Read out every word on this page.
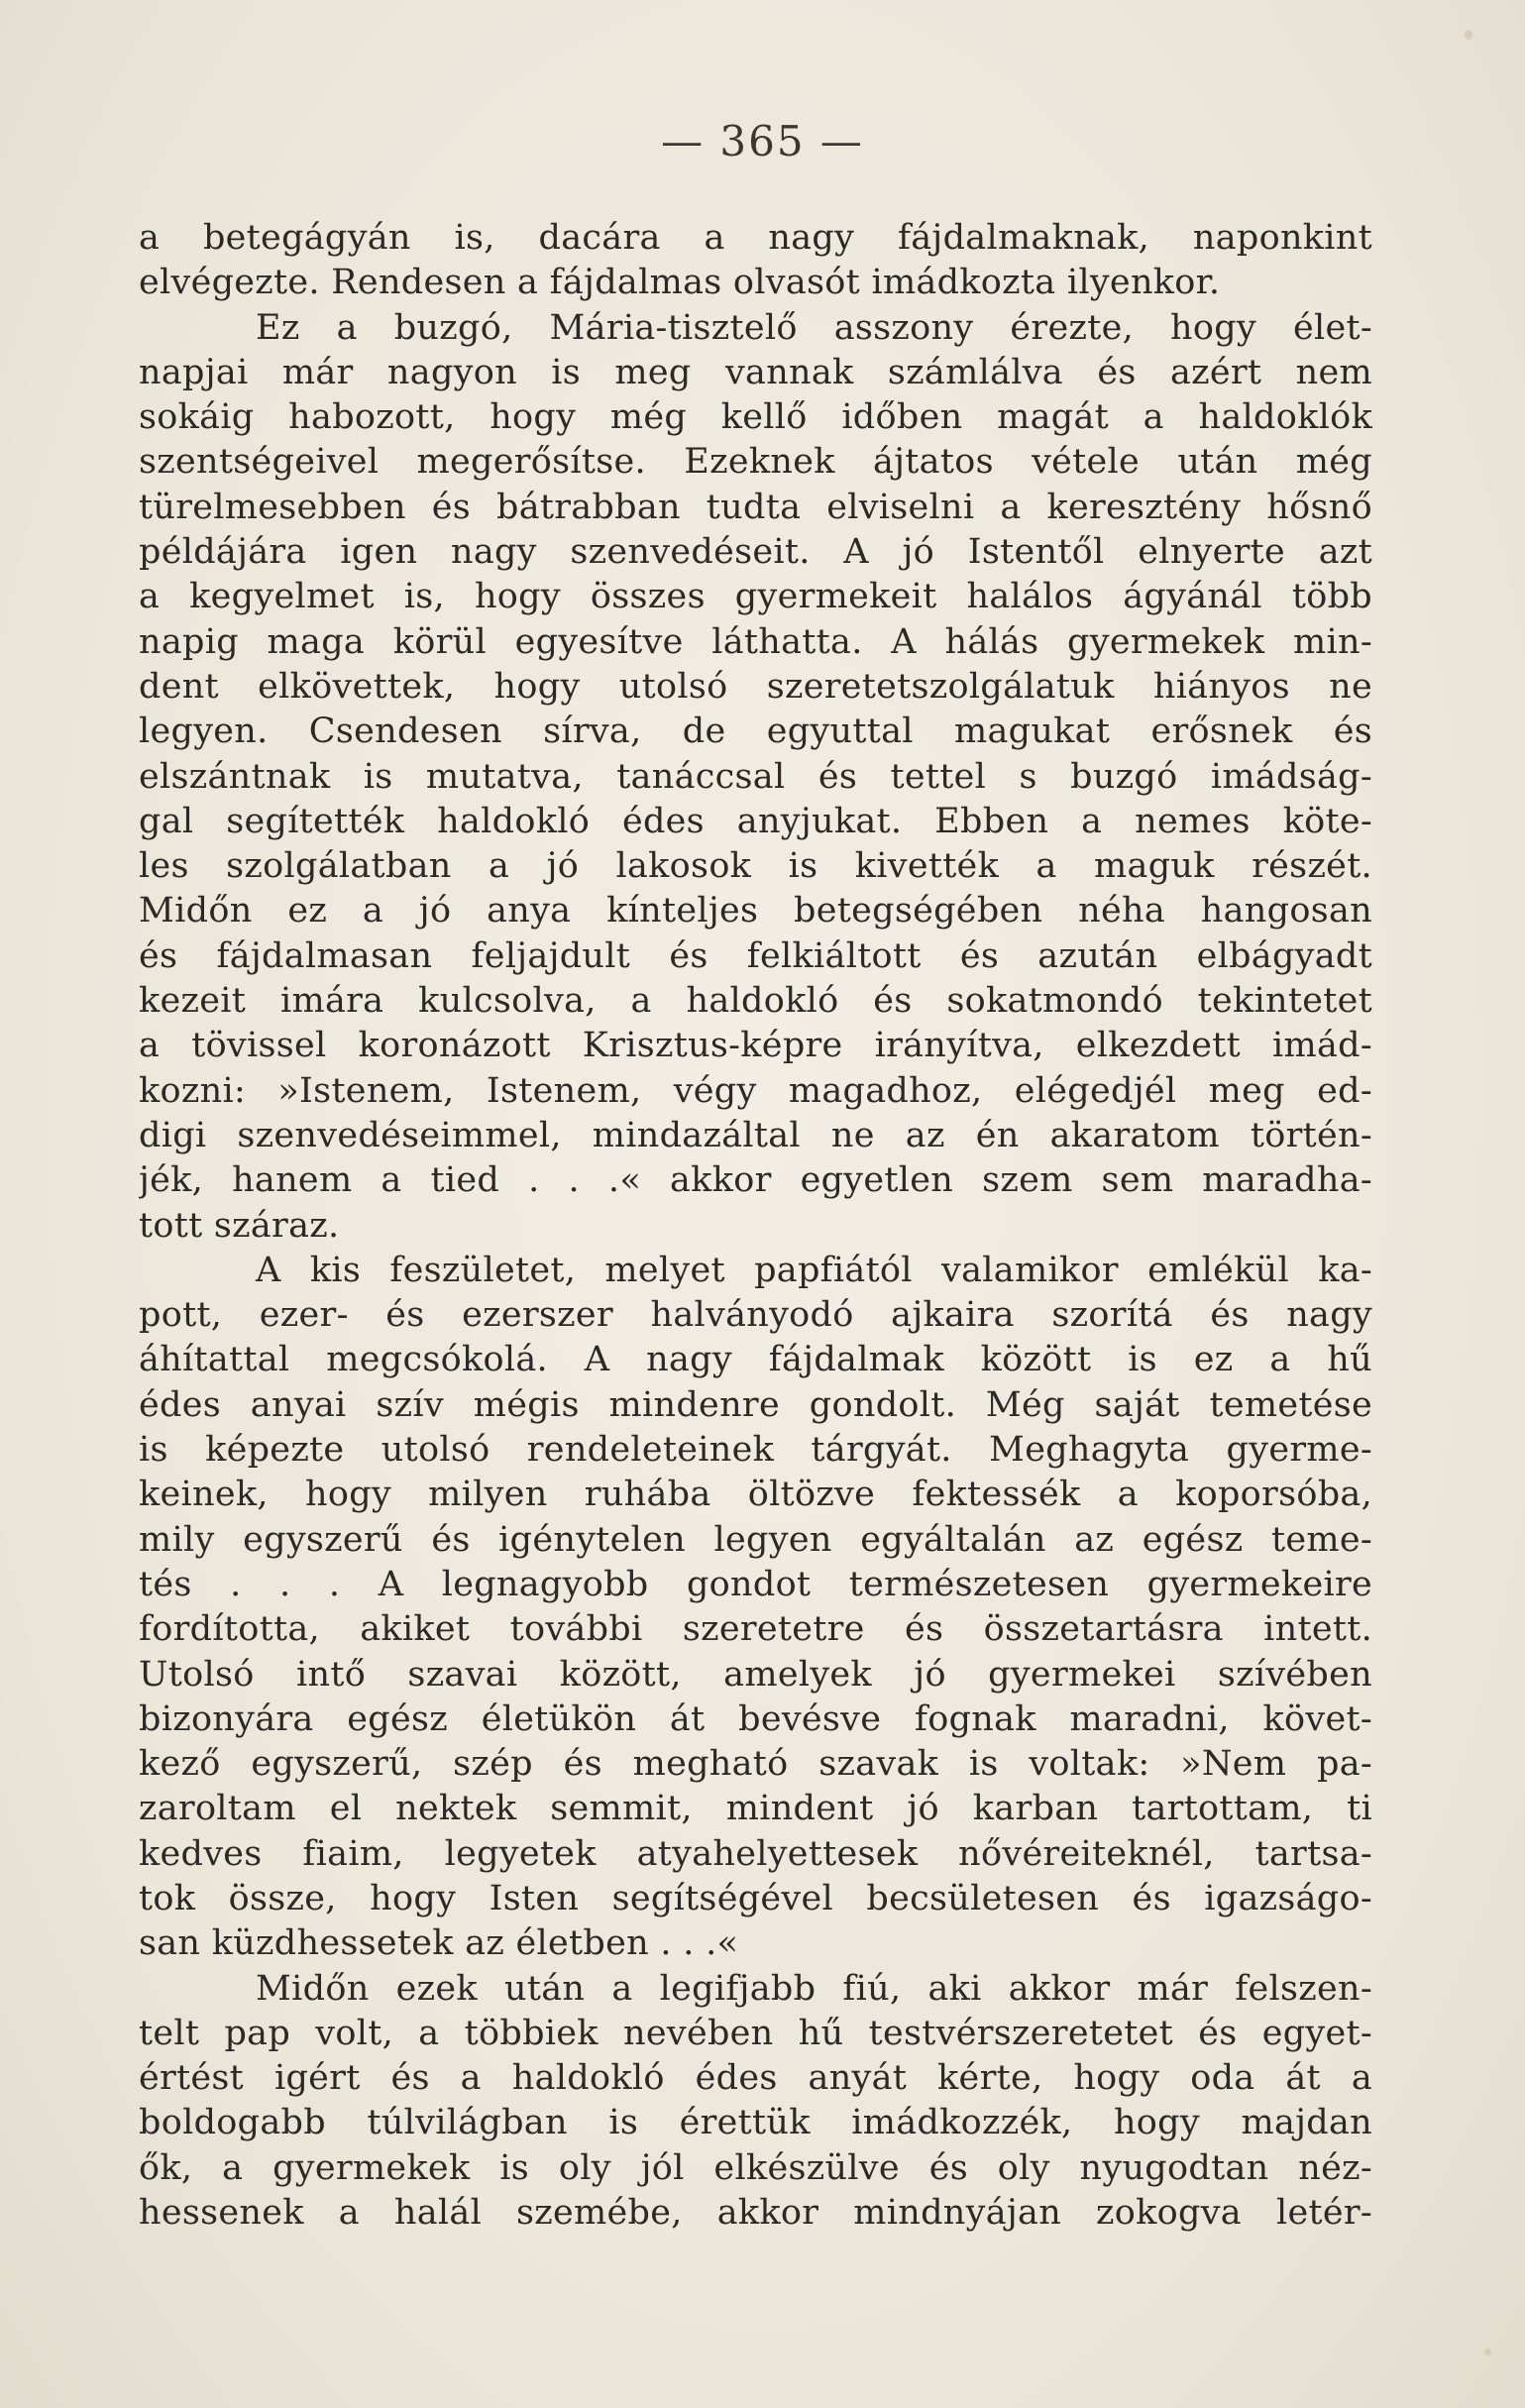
— 365 —
a betegágyán is, dacára a nagy fájdalmaknak, naponkint
elvégezte. Rendesen a fájdalmas olvasót imádkozta ilyenkor.
Ez a buzgó, Mária-tisztelő asszony érezte, hogy élet-
napjai már nagyon is meg vannak számlálva és azért nem
sokáig habozott, hogy még kellő időben magát a haldoklók
szentségeivel megerősítse. Ezeknek ájtatos vétele után még
türelmesebben és bátrabban tudta elviselni a keresztény hősnő
példájára igen nagy szenvedéseit. A jó Istentől elnyerte azt
a kegyelmet is, hogy összes gyermekeit halálos ágyánál több
napig maga körül egyesítve láthatta. A hálás gyermekek min-
dent elkövettek, hogy utolsó szeretetszolgálatuk hiányos ne
legyen. Csendesen sírva, de egyuttal magukat erősnek és
elszántnak is mutatva, tanáccsal és tettel s buzgó imádság-
gal segítették haldokló édes anyjukat. Ebben a nemes köte-
les szolgálatban a jó lakosok is kivették a maguk részét.
Midőn ez a jó anya kínteljes betegségében néha hangosan
és fájdalmasan feljajdult és felkiáltott és azután elbágyadt
kezeit imára kulcsolva, a haldokló és sokatmondó tekintetet
a tövissel koronázott Krisztus-képre irányítva, elkezdett imád-
kozni: »Istenem, Istenem, végy magadhoz, elégedjél meg ed-
digi szenvedéseimmel, mindazáltal ne az én akaratom történ-
jék, hanem a tied . . .« akkor egyetlen szem sem maradha-
tott száraz.
A kis feszületet, melyet papfiától valamikor emlékül ka-
pott, ezer- és ezerszer halványodó ajkaira szorítá és nagy
áhítattal megcsókolá. A nagy fájdalmak között is ez a hű
édes anyai szív mégis mindenre gondolt. Még saját temetése
is képezte utolsó rendeleteinek tárgyát. Meghagyta gyerme-
keinek, hogy milyen ruhába öltözve fektessék a koporsóba,
mily egyszerű és igénytelen legyen egyáltalán az egész teme-
tés . . . A legnagyobb gondot természetesen gyermekeire
fordította, akiket további szeretetre és összetartásra intett.
Utolsó intő szavai között, amelyek jó gyermekei szívében
bizonyára egész életükön át bevésve fognak maradni, követ-
kező egyszerű, szép és megható szavak is voltak: »Nem pa-
zaroltam el nektek semmit, mindent jó karban tartottam, ti
kedves fiaim, legyetek atyahelyettesek nővéreiteknél, tartsa-
tok össze, hogy Isten segítségével becsületesen és igazságo-
san küzdhessetek az életben . . .«
Midőn ezek után a legifjabb fiú, aki akkor már felszen-
telt pap volt, a többiek nevében hű testvérszeretetet és egyet-
értést igért és a haldokló édes anyát kérte, hogy oda át a
boldogabb túlvilágban is érettük imádkozzék, hogy majdan
ők, a gyermekek is oly jól elkészülve és oly nyugodtan néz-
hessenek a halál szemébe, akkor mindnyájan zokogva letér-
